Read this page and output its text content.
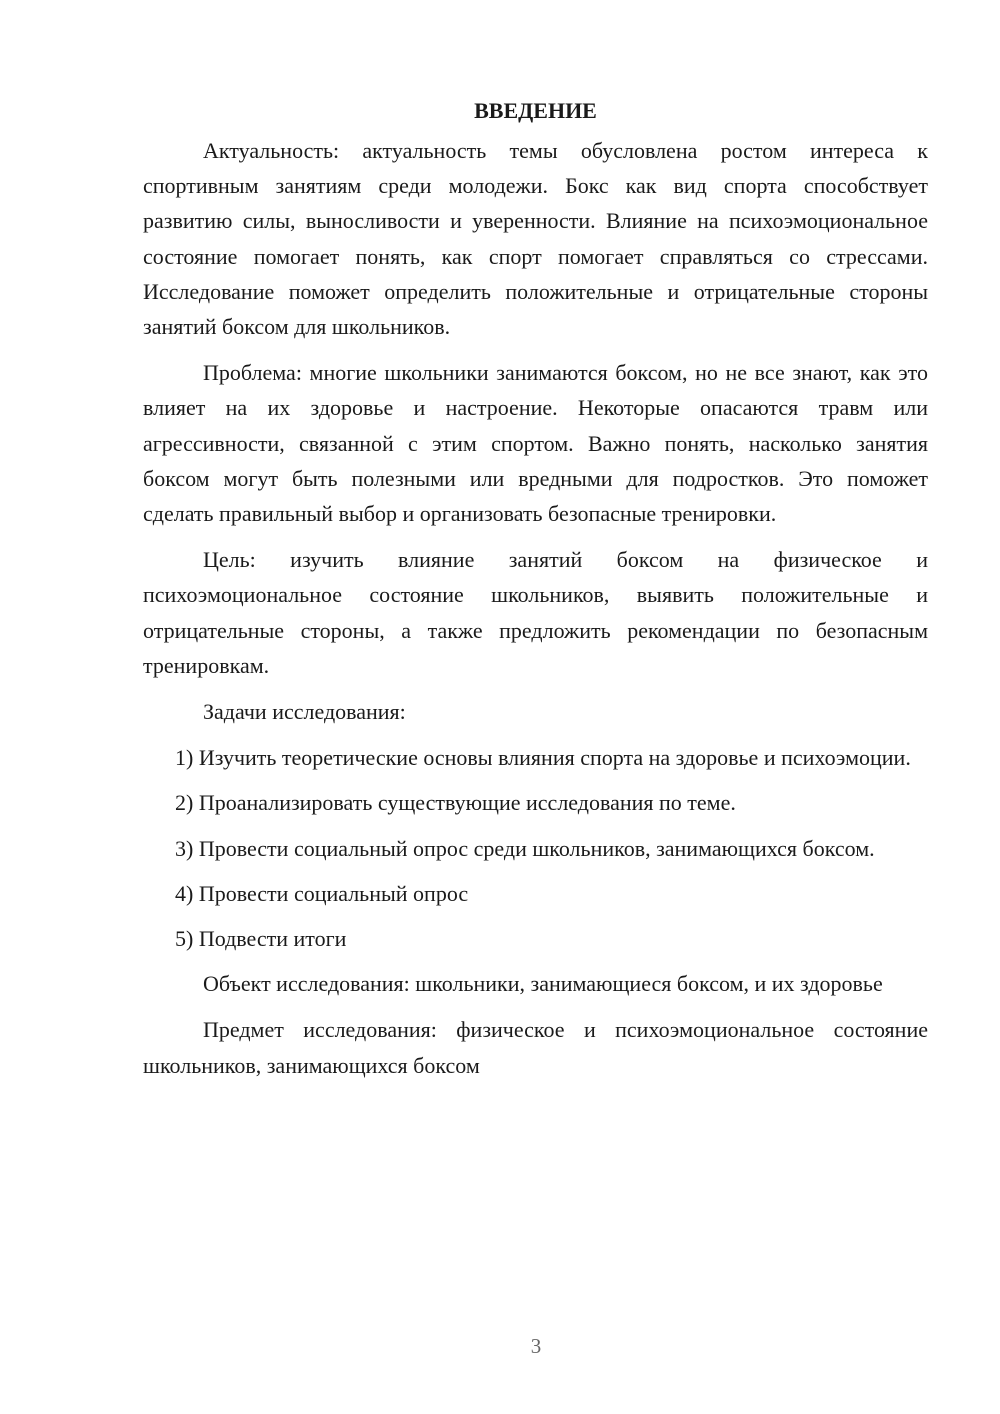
ВВЕДЕНИЕ

Актуальность: актуальность темы обусловлена ростом интереса к спортивным занятиям среди молодежи. Бокс как вид спорта способствует развитию силы, выносливости и уверенности. Влияние на психоэмоциональное состояние помогает понять, как спорт помогает справляться со стрессами. Исследование поможет определить положительные и отрицательные стороны занятий боксом для школьников.

Проблема: многие школьники занимаются боксом, но не все знают, как это влияет на их здоровье и настроение. Некоторые опасаются травм или агрессивности, связанной с этим спортом. Важно понять, насколько занятия боксом могут быть полезными или вредными для подростков. Это поможет сделать правильный выбор и организовать безопасные тренировки.

Цель: изучить влияние занятий боксом на физическое и психоэмоциональное состояние школьников, выявить положительные и отрицательные стороны, а также предложить рекомендации по безопасным тренировкам.

Задачи исследования:

1) Изучить теоретические основы влияния спорта на здоровье и психоэмоции.

2) Проанализировать существующие исследования по теме.

3) Провести социальный опрос среди школьников, занимающихся боксом.

4) Провести социальный опрос

5) Подвести итоги

Объект исследования: школьники, занимающиеся боксом, и их здоровье

Предмет исследования: физическое и психоэмоциональное состояние школьников, занимающихся боксом

3
